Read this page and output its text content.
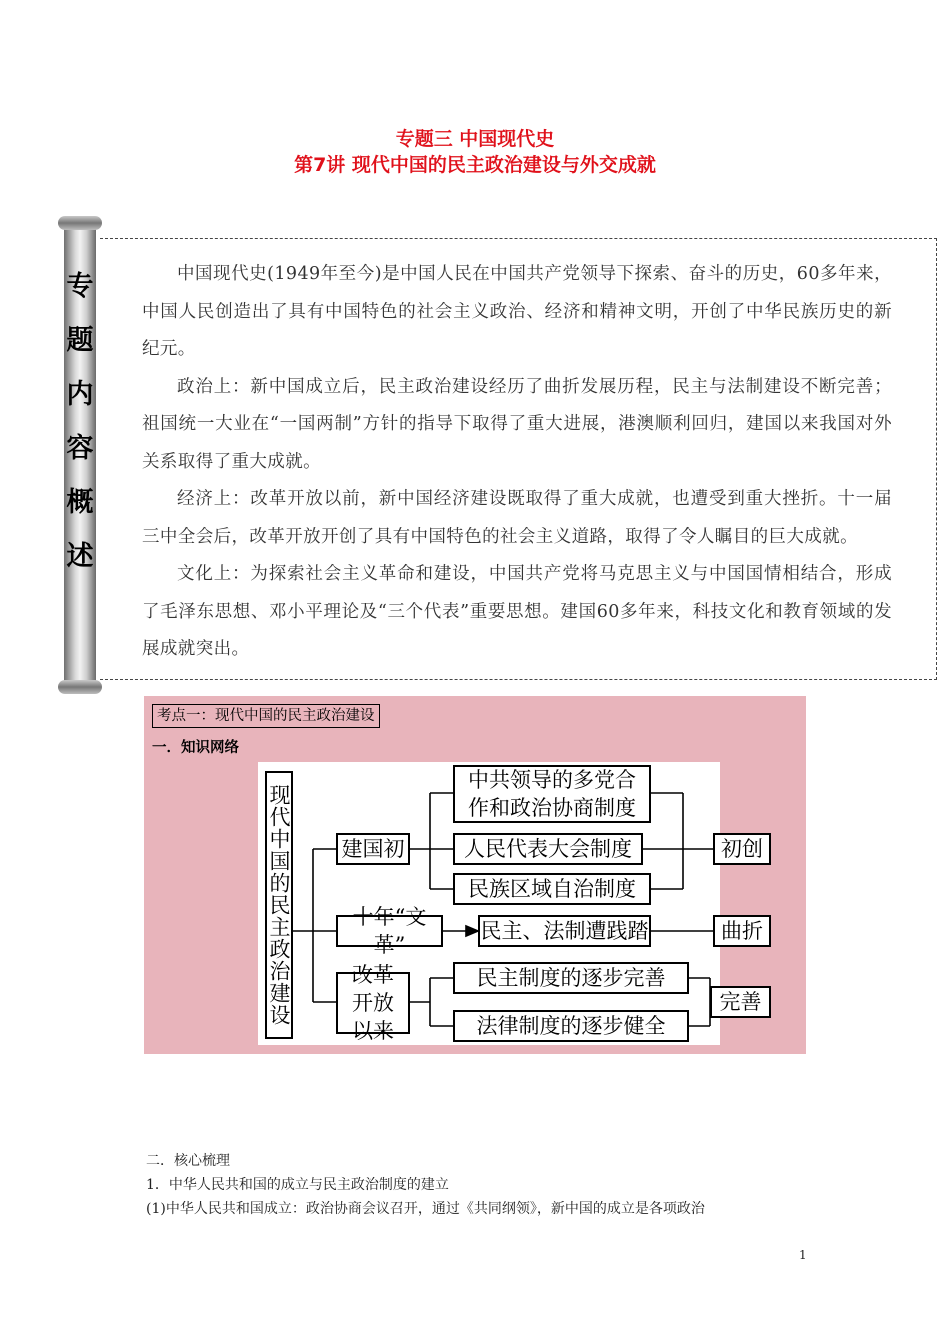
专题三 中国现代史
第7讲 现代中国的民主政治建设与外交成就
专
题
内
容
概
述

中国现代史(1949年至今)是中国人民在中国共产党领导下探索、奋斗的历史，60多年来，中国人民创造出了具有中国特色的社会主义政治、经济和精神文明，开创了中华民族历史的新纪元。

政治上：新中国成立后，民主政治建设经历了曲折发展历程，民主与法制建设不断完善；祖国统一大业在“一国两制”方针的指导下取得了重大进展，港澳顺利回归，建国以来我国对外关系取得了重大成就。

经济上：改革开放以前，新中国经济建设既取得了重大成就，也遭受到重大挫折。十一届三中全会后，改革开放开创了具有中国特色的社会主义道路，取得了令人瞩目的巨大成就。

文化上：为探索社会主义革命和建设，中国共产党将马克思主义与中国国情相结合，形成了毛泽东思想、邓小平理论及“三个代表”重要思想。建国60多年来，科技文化和教育领域的发展成就突出。

考点一：现代中国的民主政治建设
一．知识网络
现代中国的民主政治建设 建国初
十年“文革”
改革开放以来
中共领导的多党合作和政治协商制度
人民代表大会制度
民族区域自治制度
民主、法制遭践踏
民主制度的逐步完善
法律制度的逐步健全
初创
曲折
完善
二．核心梳理
1．中华人民共和国的成立与民主政治制度的建立
(1)中华人民共和国成立：政治协商会议召开，通过《共同纲领》，新中国的成立是各项政治
1
